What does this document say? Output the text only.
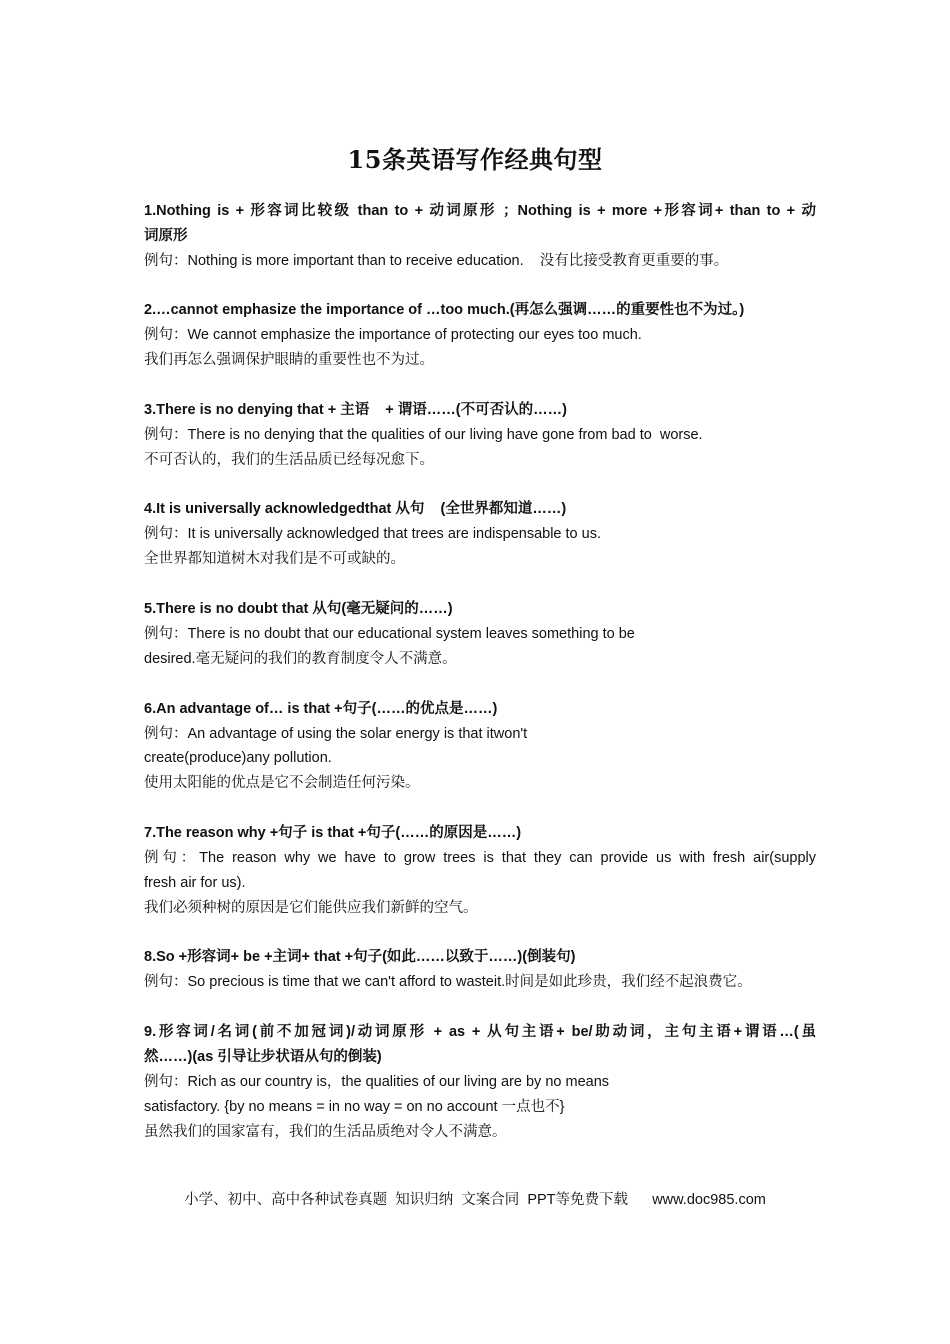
15条英语写作经典句型
1.Nothing is + 形容词比较级 than to + 动词原形 ；Nothing is + more +形容词+ than to + 动
词原形
例句：Nothing is more important than to receive education.    没有比接受教育更重要的事。
2.…cannot emphasize the importance of …too much.(再怎么强调……的重要性也不为过。)
例句：We cannot emphasize the importance of protecting our eyes too much.
我们再怎么强调保护眼睛的重要性也不为过。
3.There is no denying that + 主语    + 谓语……(不可否认的……)
例句：There is no denying that the qualities of our living have gone from bad to  worse.
不可否认的，我们的生活品质已经每况愈下。
4.It is universally acknowledgedthat 从句    (全世界都知道……)
例句：It is universally acknowledged that trees are indispensable to us.
全世界都知道树木对我们是不可或缺的。
5.There is no doubt that 从句(毫无疑问的……)
例句：There is no doubt that our educational system leaves something to be
desired.毫无疑问的我们的教育制度令人不满意。
6.An advantage of… is that +句子(……的优点是……)
例句：An advantage of using the solar energy is that itwon't
create(produce)any pollution.
使用太阳能的优点是它不会制造任何污染。
7.The reason why +句子 is that +句子(……的原因是……)
例句：The reason why we have to grow trees is that they can provide us with fresh air(supply
fresh air for us).
我们必须种树的原因是它们能供应我们新鲜的空气。
8.So +形容词+ be +主词+ that +句子(如此……以致于……)(倒装句)
例句：So precious is time that we can't afford to wasteit.时间是如此珍贵，我们经不起浪费它。
9.形容词/名词(前不加冠词)/动词原形 + as + 从句主语+ be/助动词，主句主语+谓语…(虽
然……)(as 引导让步状语从句的倒装)
例句：Rich as our country is，the qualities of our living are by no means
satisfactory. {by no means = in no way = on no account 一点也不}
虽然我们的国家富有，我们的生活品质绝对令人不满意。
小学、初中、高中各种试卷真题  知识归纳  文案合同  PPT等免费下载      www.doc985.com
